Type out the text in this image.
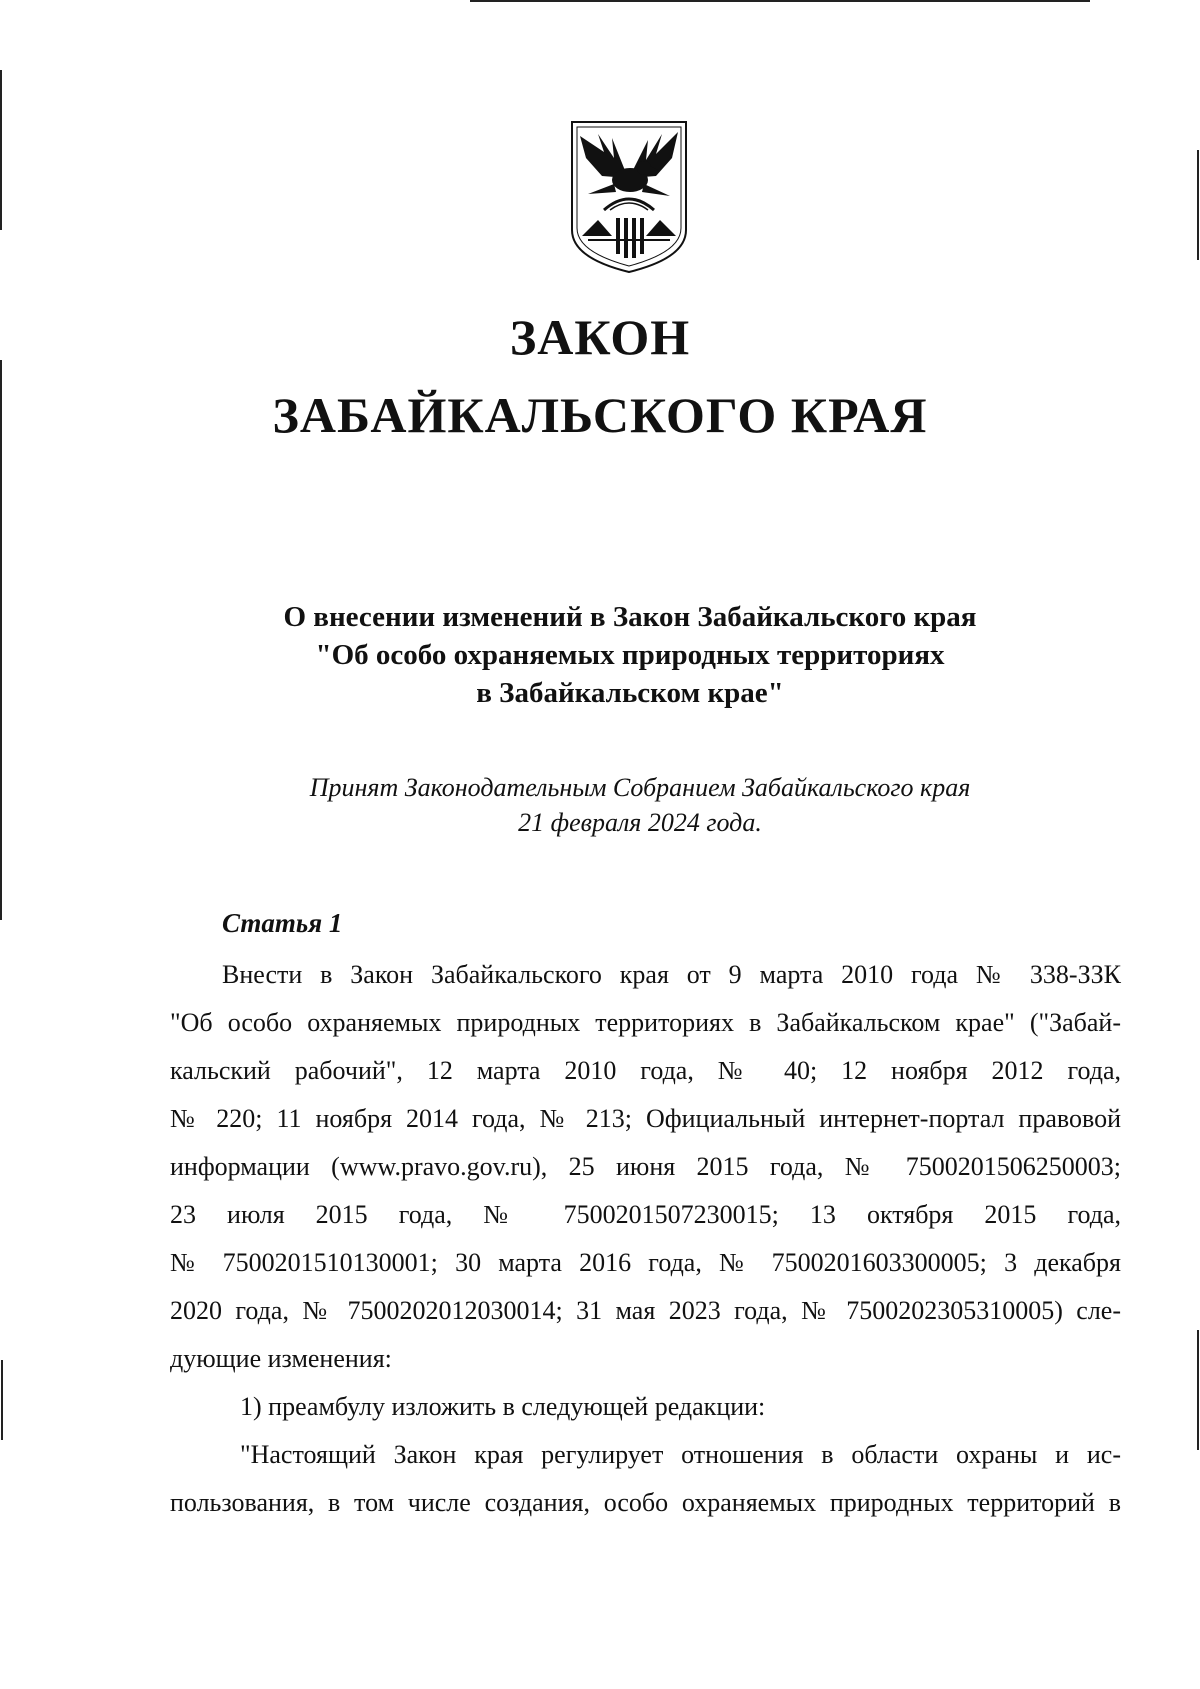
ЗАКОН
ЗАБАЙКАЛЬСКОГО КРАЯ
О внесении изменений в Закон Забайкальского края
"Об особо охраняемых природных территориях
в Забайкальском крае"
Принят Законодательным Собранием Забайкальского края
21 февраля 2024 года.
Статья 1
Внести в Закон Забайкальского края от 9 марта 2010 года № 338-ЗЗК
"Об особо охраняемых природных территориях в Забайкальском крае" ("Забай-
кальский рабочий", 12 марта 2010 года, № 40; 12 ноября 2012 года,
№ 220; 11 ноября 2014 года, № 213; Официальный интернет-портал правовой
информации (www.pravo.gov.ru), 25 июня 2015 года, № 7500201506250003;
23 июля 2015 года, № 7500201507230015; 13 октября 2015 года,
№ 7500201510130001; 30 марта 2016 года, № 7500201603300005; 3 декабря
2020 года, № 7500202012030014; 31 мая 2023 года, № 7500202305310005) сле-
дующие изменения:
1) преамбулу изложить в следующей редакции:
"Настоящий Закон края регулирует отношения в области охраны и ис-
пользования, в том числе создания, особо охраняемых природных территорий в
